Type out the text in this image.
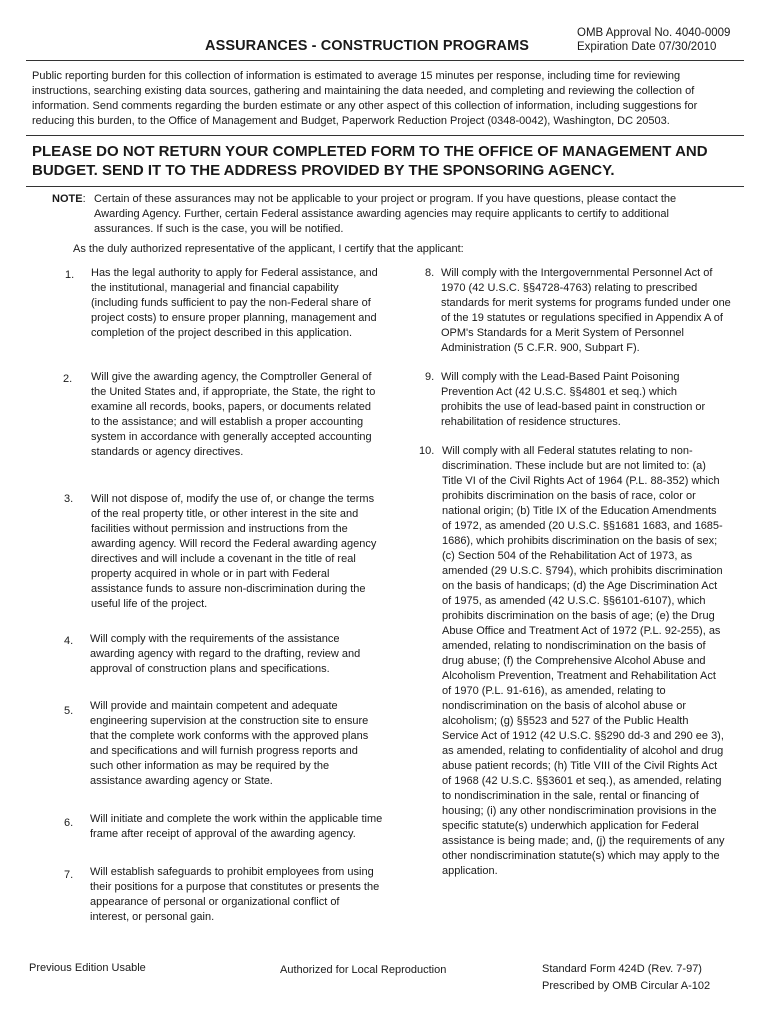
ASSURANCES - CONSTRUCTION PROGRAMS
OMB Approval No. 4040-0009
Expiration Date 07/30/2010
Public reporting burden for this collection of information is estimated to average 15 minutes per response, including time for reviewing instructions, searching existing data sources, gathering and maintaining the data needed, and completing and reviewing the collection of information. Send comments regarding the burden estimate or any other aspect of this collection of information, including suggestions for reducing this burden, to the Office of Management and Budget, Paperwork Reduction Project (0348-0042), Washington, DC 20503.
PLEASE DO NOT RETURN YOUR COMPLETED FORM TO THE OFFICE OF MANAGEMENT AND BUDGET. SEND IT TO THE ADDRESS PROVIDED BY THE SPONSORING AGENCY.
NOTE: Certain of these assurances may not be applicable to your project or program. If you have questions, please contact the Awarding Agency. Further, certain Federal assistance awarding agencies may require applicants to certify to additional assurances. If such is the case, you will be notified.
As the duly authorized representative of the applicant, I certify that the applicant:
1. Has the legal authority to apply for Federal assistance, and the institutional, managerial and financial capability (including funds sufficient to pay the non-Federal share of project costs) to ensure proper planning, management and completion of the project described in this application.
2. Will give the awarding agency, the Comptroller General of the United States and, if appropriate, the State, the right to examine all records, books, papers, or documents related to the assistance; and will establish a proper accounting system in accordance with generally accepted accounting standards or agency directives.
3. Will not dispose of, modify the use of, or change the terms of the real property title, or other interest in the site and facilities without permission and instructions from the awarding agency. Will record the Federal awarding agency directives and will include a covenant in the title of real property acquired in whole or in part with Federal assistance funds to assure non-discrimination during the useful life of the project.
4. Will comply with the requirements of the assistance awarding agency with regard to the drafting, review and approval of construction plans and specifications.
5. Will provide and maintain competent and adequate engineering supervision at the construction site to ensure that the complete work conforms with the approved plans and specifications and will furnish progress reports and such other information as may be required by the assistance awarding agency or State.
6. Will initiate and complete the work within the applicable time frame after receipt of approval of the awarding agency.
7. Will establish safeguards to prohibit employees from using their positions for a purpose that constitutes or presents the appearance of personal or organizational conflict of interest, or personal gain.
8. Will comply with the Intergovernmental Personnel Act of 1970 (42 U.S.C. §§4728-4763) relating to prescribed standards for merit systems for programs funded under one of the 19 statutes or regulations specified in Appendix A of OPM's Standards for a Merit System of Personnel Administration (5 C.F.R. 900, Subpart F).
9. Will comply with the Lead-Based Paint Poisoning Prevention Act (42 U.S.C. §§4801 et seq.) which prohibits the use of lead-based paint in construction or rehabilitation of residence structures.
10. Will comply with all Federal statutes relating to non-discrimination. These include but are not limited to: (a) Title VI of the Civil Rights Act of 1964 (P.L. 88-352) which prohibits discrimination on the basis of race, color or national origin; (b) Title IX of the Education Amendments of 1972, as amended (20 U.S.C. §§1681 1683, and 1685-1686), which prohibits discrimination on the basis of sex; (c) Section 504 of the Rehabilitation Act of 1973, as amended (29 U.S.C. §794), which prohibits discrimination on the basis of handicaps; (d) the Age Discrimination Act of 1975, as amended (42 U.S.C. §§6101-6107), which prohibits discrimination on the basis of age; (e) the Drug Abuse Office and Treatment Act of 1972 (P.L. 92-255), as amended, relating to nondiscrimination on the basis of drug abuse; (f) the Comprehensive Alcohol Abuse and Alcoholism Prevention, Treatment and Rehabilitation Act of 1970 (P.L. 91-616), as amended, relating to nondiscrimination on the basis of alcohol abuse or alcoholism; (g) §§523 and 527 of the Public Health Service Act of 1912 (42 U.S.C. §§290 dd-3 and 290 ee 3), as amended, relating to confidentiality of alcohol and drug abuse patient records; (h) Title VIII of the Civil Rights Act of 1968 (42 U.S.C. §§3601 et seq.), as amended, relating to nondiscrimination in the sale, rental or financing of housing; (i) any other nondiscrimination provisions in the specific statute(s) underwhich application for Federal assistance is being made; and, (j) the requirements of any other nondiscrimination statute(s) which may apply to the application.
Previous Edition Usable	Authorized for Local Reproduction	Standard Form 424D (Rev. 7-97)
Prescribed by OMB Circular A-102
